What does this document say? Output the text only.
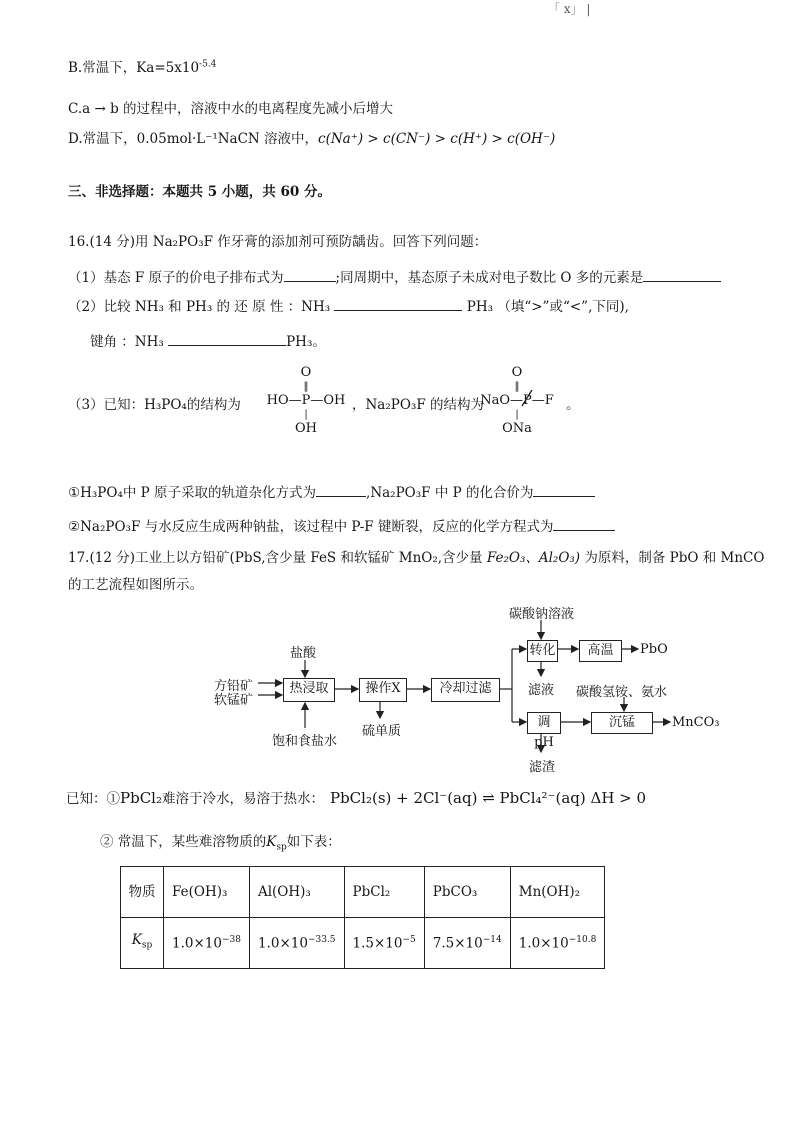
「 x」 |
B.常温下，$Ka=5x10^{-5.4}$
C.a → b 的过程中，溶液中水的电离程度先减小后增大
D.常温下，0.05mol·L⁻¹NaCN 溶液中，c(Na⁺) > c(CN⁻) > c(H⁺) > c(OH⁻)
三、非选择题：本题共 5 小题，共 60 分。
16.(14 分)用 Na₂PO₃F 作牙膏的添加剂可预防龋齿。回答下列问题：
（1）基态 F 原子的价电子排布式为	;同周期中，基态原子未成对电子数比 O 多的元素是
（2）比较 NH₃ 和 PH₃ 的 还 原 性 ：NH₃	PH₃ （填“>”或“<”,下同),
键角 ：NH₃	PH₃。
（3）已知：H₃PO₄的结构为
O
‖
HO—P—OH
|
OH
，Na₂PO₃F 的结构为
O
‖
NaO—P—F
|
ONa
。
①H₃PO₄中 P 原子采取的轨道杂化方式为	,Na₂PO₃F 中 P 的化合价为
②Na₂PO₃F 与水反应生成两种钠盐，该过程中 P-F 键断裂，反应的化学方程式为
17.(12 分)工业上以方铅矿(PbS,含少量 FeS 和软锰矿 MnO₂,含少量 Fe₂O₃、Al₂O₃) 为原料，制备 PbO 和 MnCO
的工艺流程如图所示。
方铅矿
软锰矿
盐酸
热浸取
饱和食盐水
操作X
硫单质
冷却过滤
碳酸钠溶液
转化	高温	PbO
滤液 碳酸氢铵、氨水
调pH
沉锰	MnCO₃
滤渣
已知：①PbCl₂难溶于冷水，易溶于热水： PbCl₂(s) + 2Cl⁻(aq) ⇌ PbCl₄²⁻(aq) ΔH > 0
② 常温下，某些难溶物质的$K_{sp}$如下表：
物质	Fe(OH)₃	Al(OH)₃	PbCl₂	PbCO₃	Mn(OH)₂
$K_{sp}$	$1.0\times 10^{-38}$	$1.0\times 10^{-33.5}$	$1.5\times 10^{-5}$	$7.5\times 10^{-14}$	$1.0\times 10^{-10.8}$
